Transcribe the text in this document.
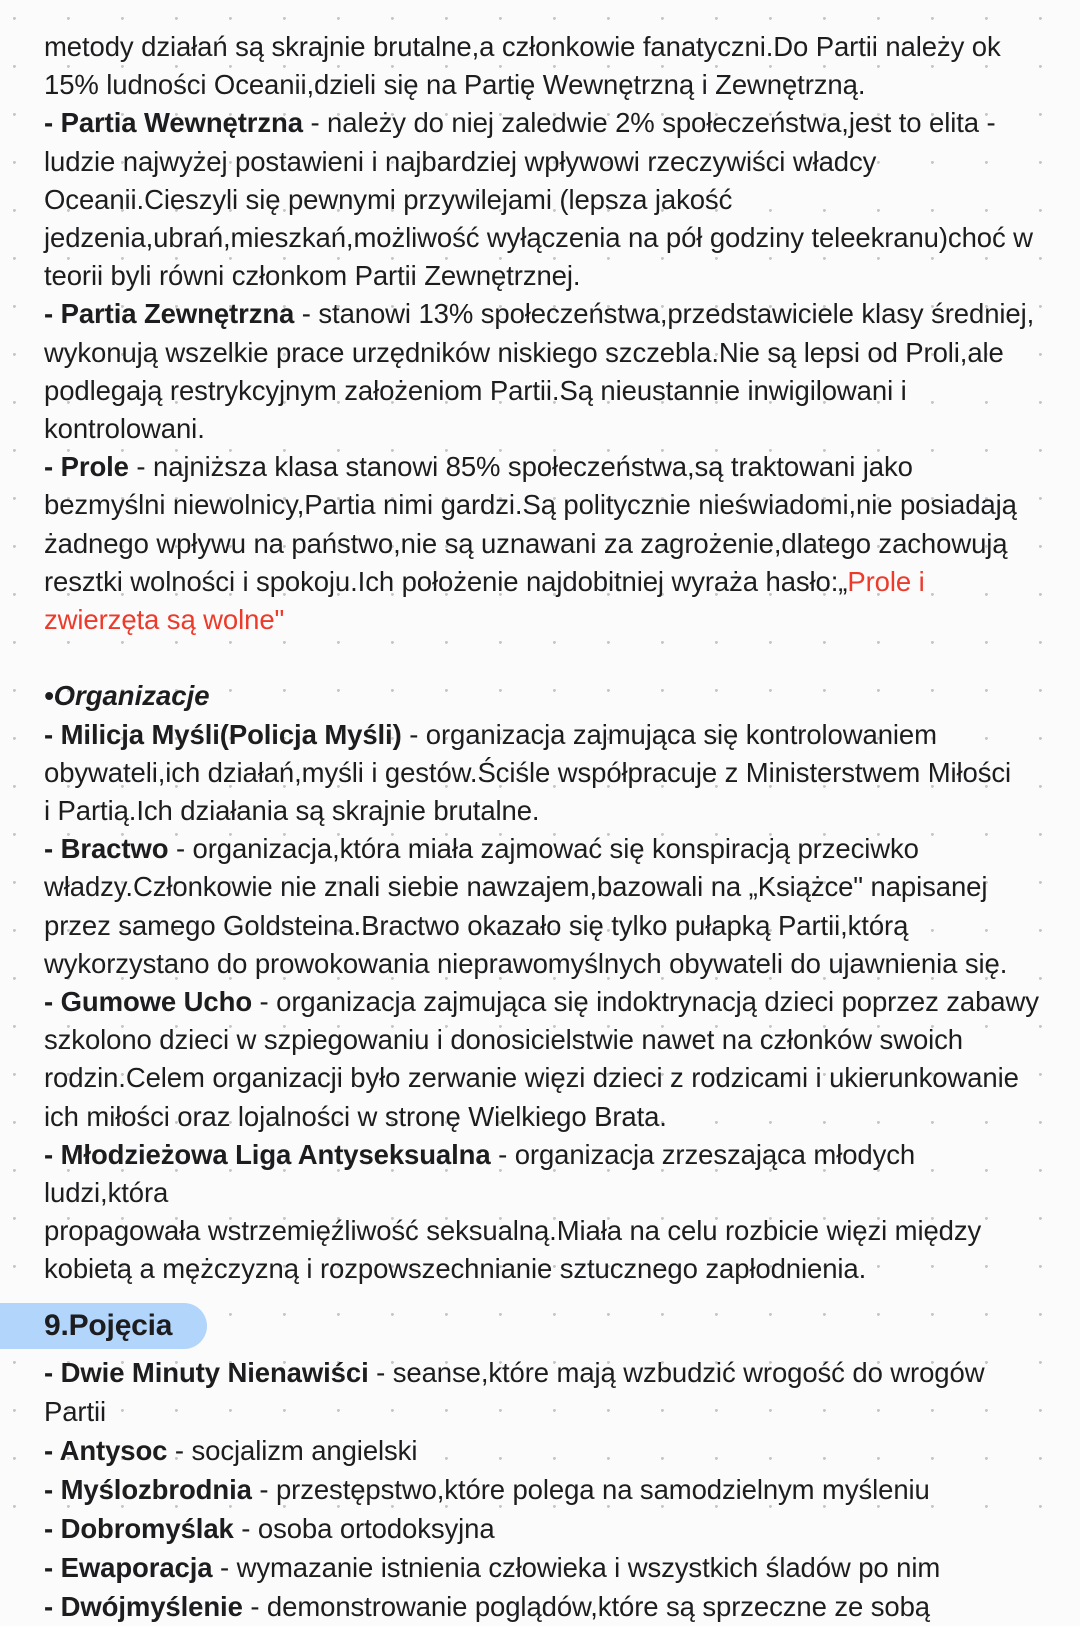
metody działań są skrajnie brutalne,a członkowie fanatyczni.Do Partii należy ok
15% ludności Oceanii,dzieli się na Partię Wewnętrzną i Zewnętrzną.
- Partia Wewnętrzna - należy do niej zaledwie 2% społeczeństwa,jest to elita -
ludzie najwyżej postawieni i najbardziej wpływowi rzeczywiści władcy
Oceanii.Cieszyli się pewnymi przywilejami (lepsza jakość
jedzenia,ubrań,mieszkań,możliwość wyłączenia na pół godziny teleekranu)choć w
teorii byli równi członkom Partii Zewnętrznej.
- Partia Zewnętrzna - stanowi 13% społeczeństwa,przedstawiciele klasy średniej,
wykonują wszelkie prace urzędników niskiego szczebla.Nie są lepsi od Proli,ale
podlegają restrykcyjnym założeniom Partii.Są nieustannie inwigilowani i
kontrolowani.
- Prole - najniższa klasa stanowi 85% społeczeństwa,są traktowani jako
bezmyślni niewolnicy,Partia nimi gardzi.Są politycznie nieświadomi,nie posiadają
żadnego wpływu na państwo,nie są uznawani za zagrożenie,dlatego zachowują
resztki wolności i spokoju.Ich położenie najdobitniej wyraża hasło:„Prole i
zwierzęta są wolne"
•Organizacje
- Milicja Myśli(Policja Myśli) - organizacja zajmująca się kontrolowaniem
obywateli,ich działań,myśli i gestów.Ściśle współpracuje z Ministerstwem Miłości
i Partią.Ich działania są skrajnie brutalne.
- Bractwo - organizacja,która miała zajmować się konspiracją przeciwko
władzy.Członkowie nie znali siebie nawzajem,bazowali na „Książce" napisanej
przez samego Goldsteina.Bractwo okazało się tylko pułapką Partii,którą
wykorzystano do prowokowania nieprawomyślnych obywateli do ujawnienia się.
- Gumowe Ucho - organizacja zajmująca się indoktrynacją dzieci poprzez zabawy
szkolono dzieci w szpiegowaniu i donosicielstwie nawet na członków swoich
rodzin.Celem organizacji było zerwanie więzi dzieci z rodzicami i ukierunkowanie
ich miłości oraz lojalności w stronę Wielkiego Brata.
- Młodzieżowa Liga Antyseksualna - organizacja zrzeszająca młodych ludzi,która
propagowała wstrzemięźliwość seksualną.Miała na celu rozbicie więzi między
kobietą a mężczyzną i rozpowszechnianie sztucznego zapłodnienia.
9.Pojęcia
- Dwie Minuty Nienawiści - seanse,które mają wzbudzić wrogość do wrogów Partii
- Antysoc - socjalizm angielski
- Myślozbrodnia - przestępstwo,które polega na samodzielnym myśleniu
- Dobromyślak - osoba ortodoksyjna
- Ewaporacja - wymazanie istnienia człowieka i wszystkich śladów po nim
- Dwójmyślenie - demonstrowanie poglądów,które są sprzeczne ze sobą
